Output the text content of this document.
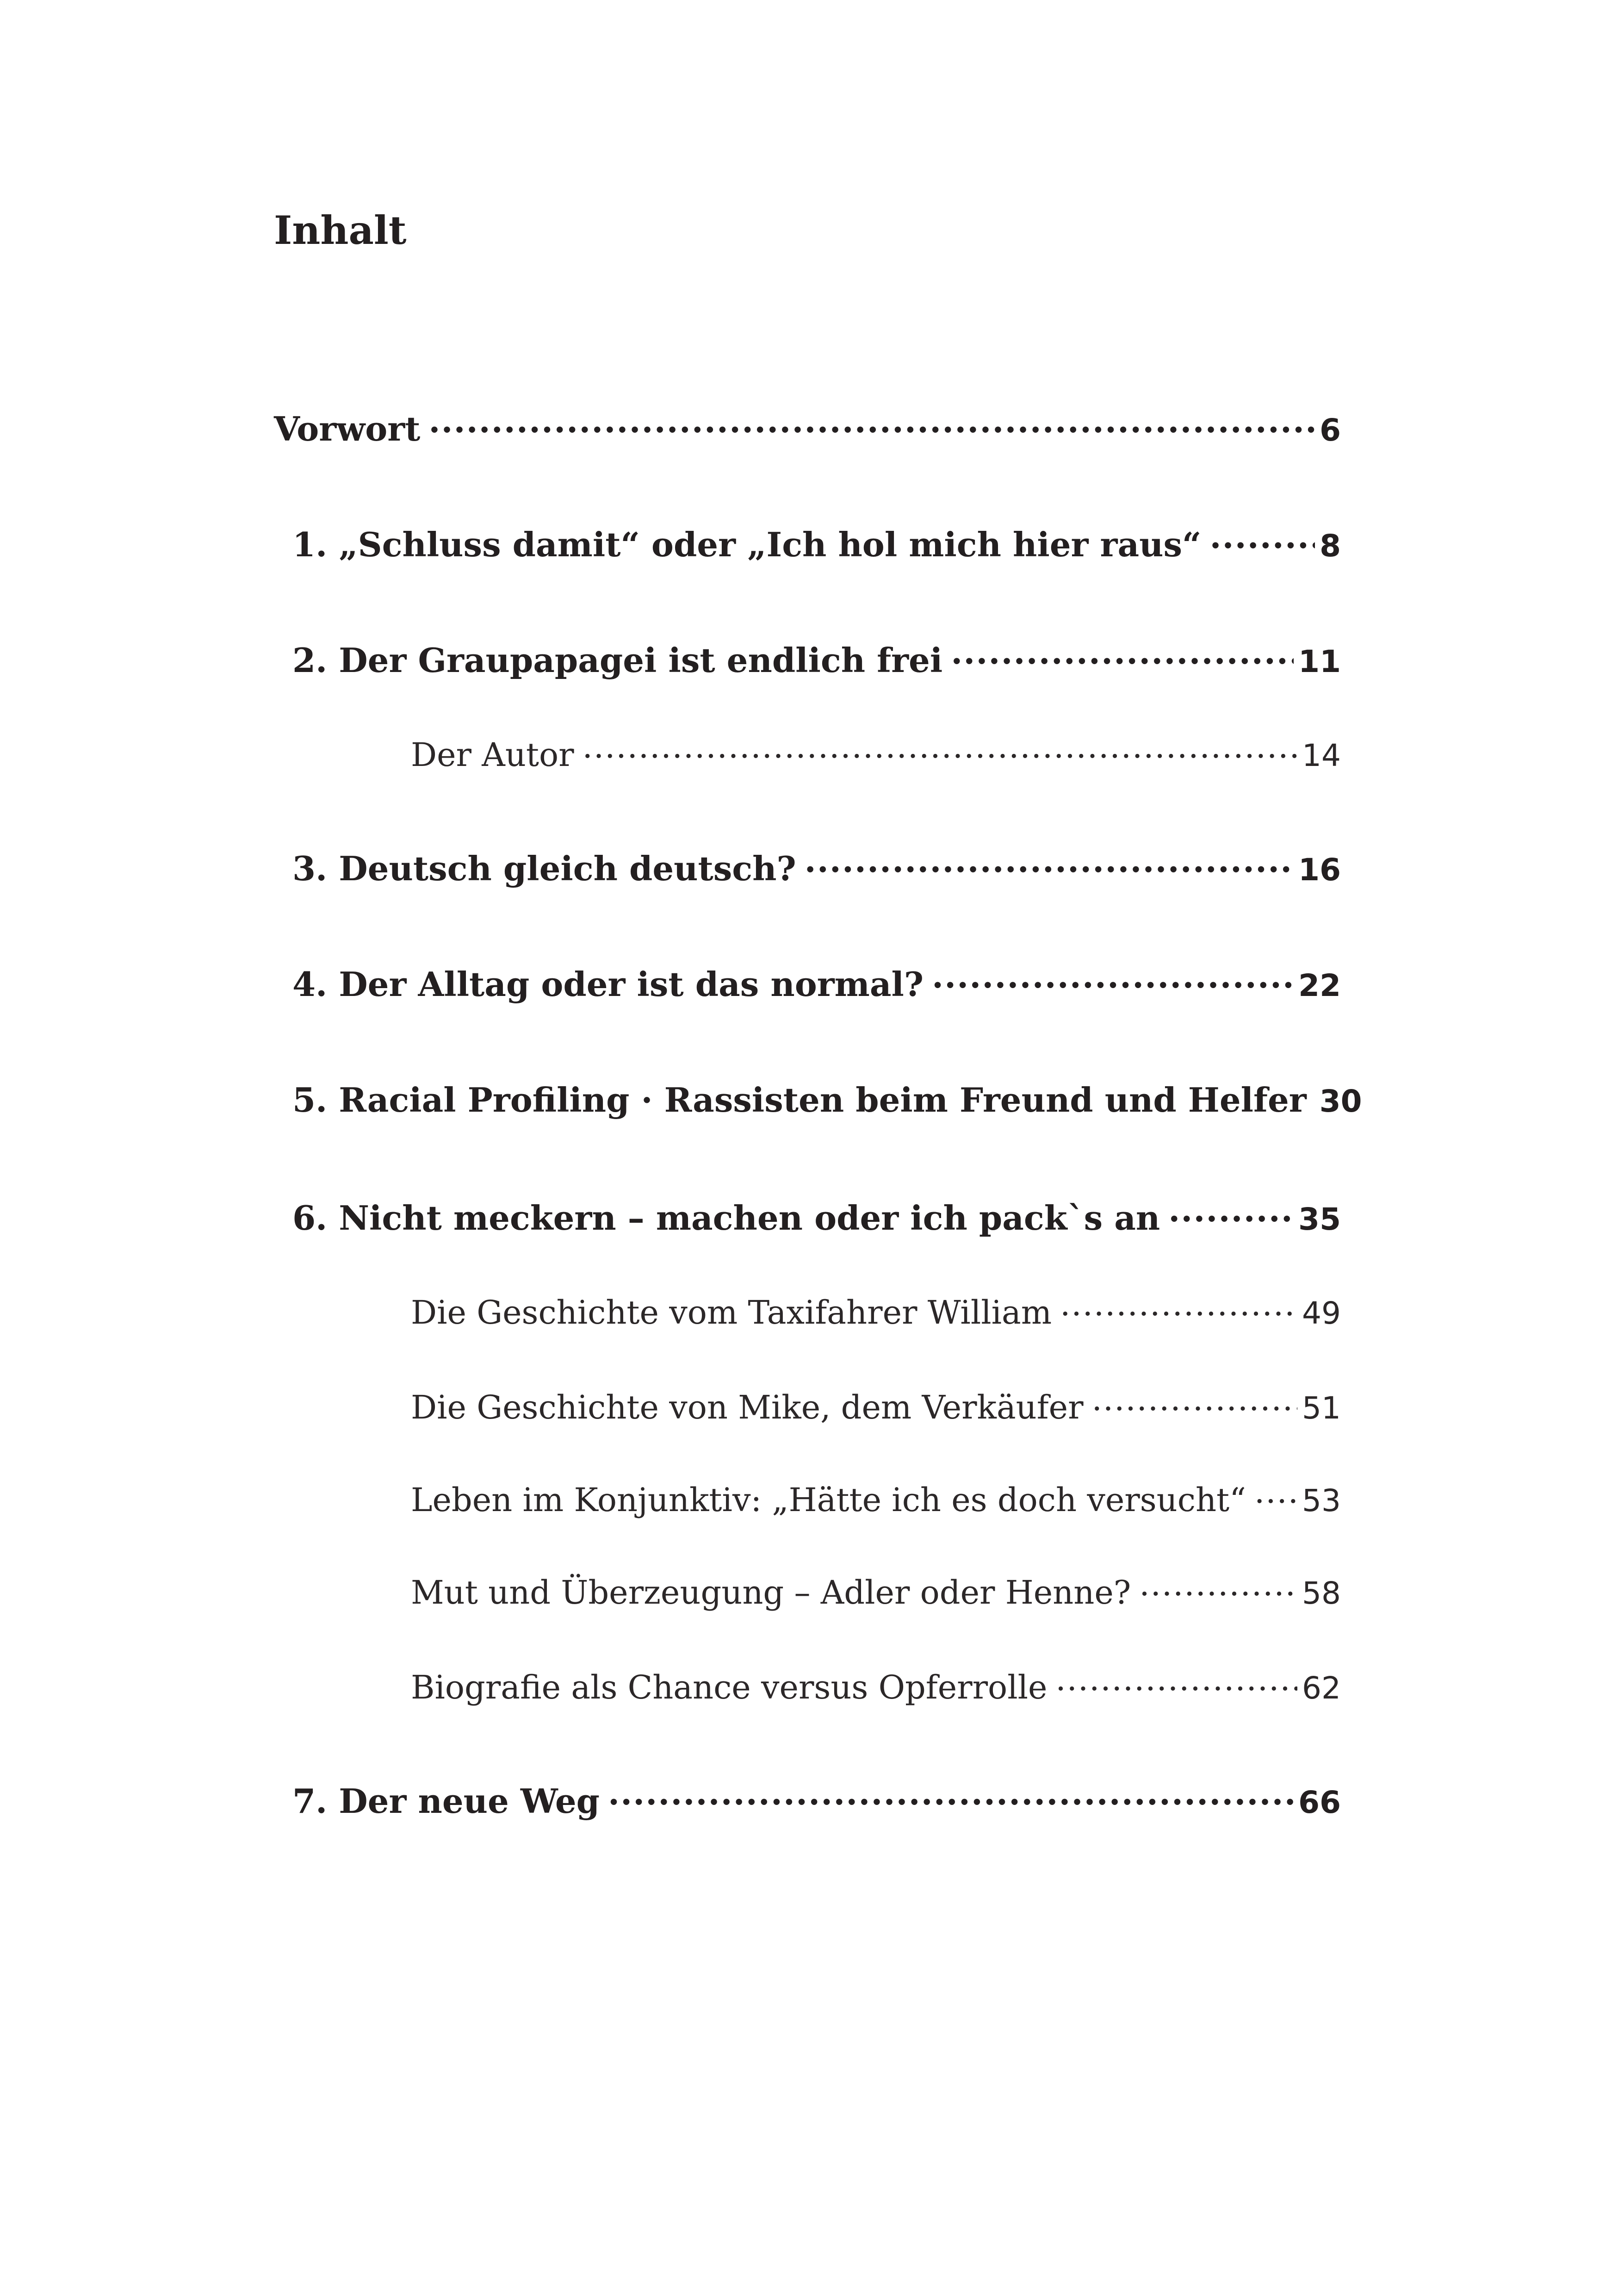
Inhalt
Vorwort .....	6
1. „Schluss damit“ oder „Ich hol mich hier raus“ .....	8
2. Der Graupapagei ist endlich frei .....	11
Der Autor .....	14
3. Deutsch gleich deutsch? .....	16
4. Der Alltag oder ist das normal? .....	22
5. Racial Profiling · Rassisten beim Freund und Helfer 30
6. Nicht meckern – machen oder ich pack`s an .....	35
Die Geschichte vom Taxifahrer William .....	49
Die Geschichte von Mike, dem Verkäufer .....	51
Leben im Konjunktiv: „Hätte ich es doch versucht“ ..... 53
Mut und Überzeugung – Adler oder Henne? .....	58
Biografie als Chance versus Opferrolle .....	62
7. Der neue Weg .....	66
